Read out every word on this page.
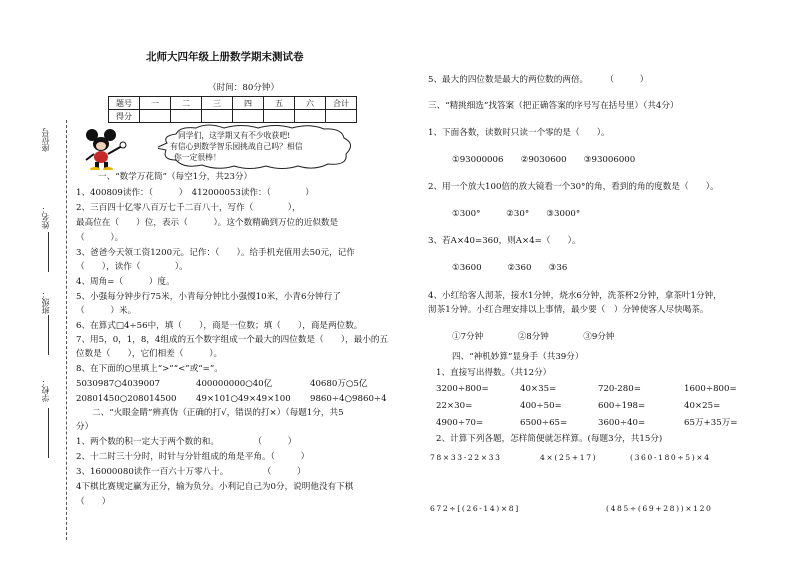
座位号
姓名：
班级：
学校：
北师大四年级上册数学期末测试卷
（时间：80分钟）
题号	一	二	三	四	五	六	合计
得分							
同学们，这学期又有不少收获吧!
有信心到数学智乐园挑战自己吗？相信
你一定很棒！
一、“数学万花筒”（每空1分，共23分）
1、400809读作：（　　　）　412000053读作：（　　　　）
2、三百四十亿零八百万七千二百八十，写作（　　　　），
最高位在（　　）位，表示（　　　）。这个数精确到万位的近似数是
（　　　）。
3、爸爸今天领工资1200元。记作：（　　）。给手机充值用去50元，记作
（　　），读作（　　　　）。
4、周角=（　　　）度。
5、小强每分钟步行75米，小青每分钟比小强慢10米，小青6分钟行了
（　　　）米。
6、在算式□4÷56中，填（　　），商是一位数；填（　　），商是两位数。
7、用5，0，1，8，4组成的五个数字组成一个最大的四位数是（　　），最小的五
位数是（　　），它们相差（　　　）。
8、在下面的○里填上“>”“<”或“=”。
5030987○4039007	400000000○40亿	40680万○5亿
20801450○208014500 49×101○49×49×100 9860÷4○9860÷4
二、“火眼金睛”辨真伪（正确的打√，错误的打×）（每题1分，共5
分）
1、两个数的积一定大于两个数的和。　　　　　（　　　）
2、十二时三十分时，时针与分针组成的角是平角。（　　　）
3、16000080读作一百六十万零八十。　　　　　（　　　）
4下棋比赛规定赢为正分，输为负分。小利记自己为0分，说明他没有下棋
（　　）
5、最大的四位数是最大的两位数的两倍。　　　（　　　）
三、“精挑细选”找答案（把正确答案的序号写在括号里）（共4分）
1、下面各数，读数时只读一个零的是（　　）。
①93000006　　②9030600　　③93006000
2、用一个放大100倍的放大镜看一个30°的角，看到的角的度数是（　　）。
①300°　　　②30°　　③3000°
3、若A×40=360，则A×4=（　　）。
①3600　　　②360　　③36
4、小红给客人沏茶，接水1分钟，烧水6分钟，洗茶杯2分钟，拿茶叶1分钟，
沏茶1分钟。小红合理安排以上事情，最少要（　）分钟使客人尽快喝茶。
①7分钟　　　　②8分钟　　　　③9分钟
四、“神机妙算”显身手（共39分）
1、直接写出得数。（共12分）
3200÷800=	40×35=	720-280=	1600÷800=
22×30=	400÷50=	600÷198=	40×25=
4900÷70=	6500÷65=	3600÷40=	65万+35万=
2、计算下列各题，怎样简便就怎样算。(每题3分，共15分)
78×33-22×33	4×(25+17)	(360-180÷5)×4
672÷[(26-14)×8]	(485÷(69+28))×120
